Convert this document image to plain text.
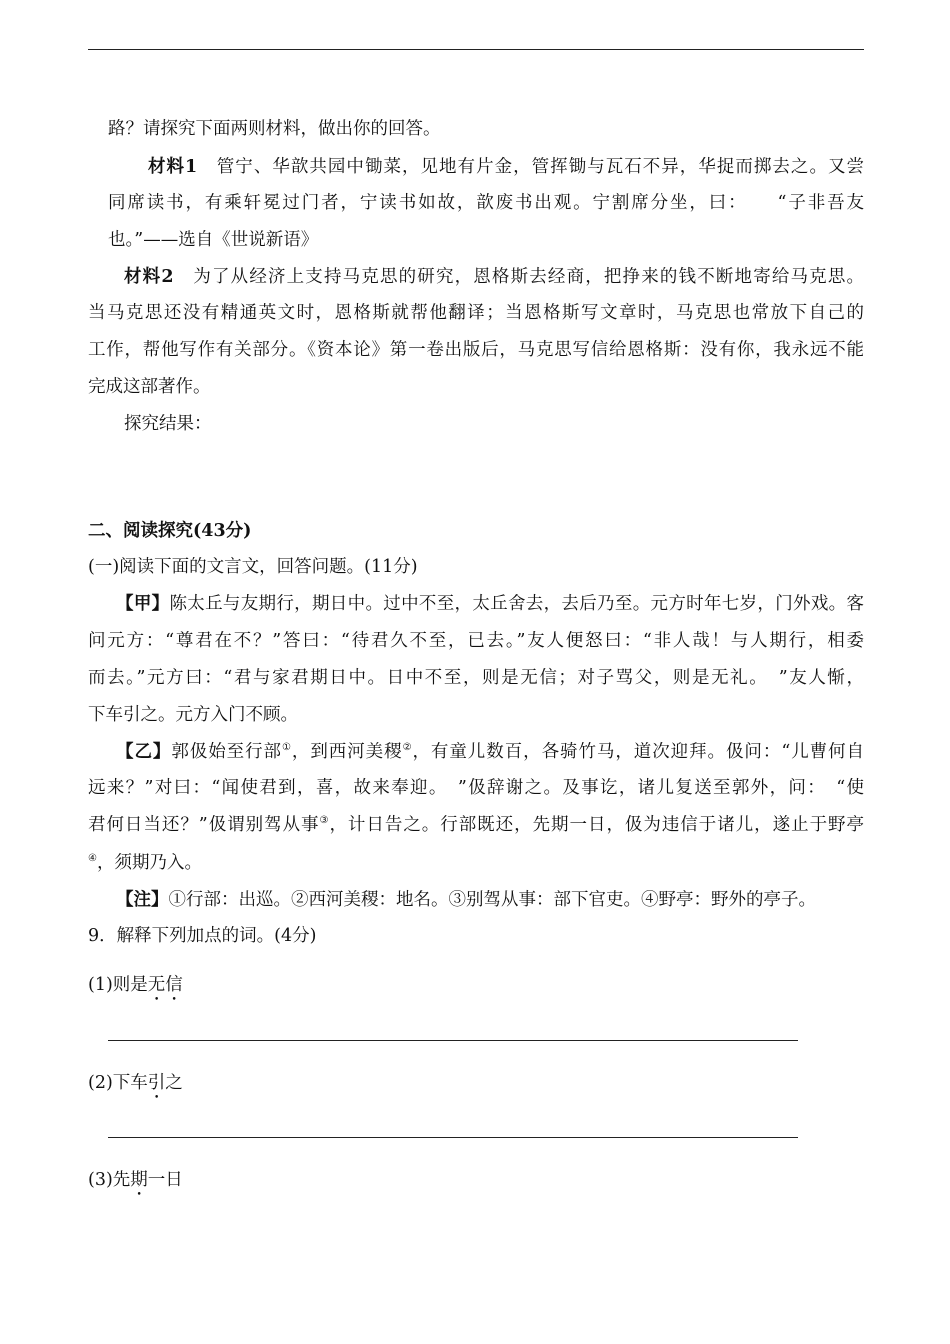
路？请探究下面两则材料，做出你的回答。
材料1　管宁、华歆共园中锄菜，见地有片金，管挥锄与瓦石不异，华捉而掷去之。又尝
同席读书，有乘轩冕过门者，宁读书如故，歆废书出观。宁割席分坐，曰：　　“子非吾友
也。”——选自《世说新语》
材料2　为了从经济上支持马克思的研究，恩格斯去经商，把挣来的钱不断地寄给马克思。
当马克思还没有精通英文时，恩格斯就帮他翻译；当恩格斯写文章时，马克思也常放下自己的
工作，帮他写作有关部分。《资本论》第一卷出版后，马克思写信给恩格斯：没有你，我永远不能
完成这部著作。
探究结果：
二、阅读探究(43分)
(一)阅读下面的文言文，回答问题。(11分)
【甲】陈太丘与友期行，期日中。过中不至，太丘舍去，去后乃至。元方时年七岁，门外戏。客
问元方：“尊君在不？”答曰：“待君久不至，已去。”友人便怒曰：“非人哉！与人期行，相委
而去。”元方曰：“君与家君期日中。日中不至，则是无信；对子骂父，则是无礼。　”友人惭，
下车引之。元方入门不顾。
【乙】郭伋始至行部①，到西河美稷②，有童儿数百，各骑竹马，道次迎拜。伋问：“儿曹何自
远来？”对曰：“闻使君到，喜，故来奉迎。　”伋辞谢之。及事讫，诸儿复送至郭外，问：　“使
君何日当还？”伋谓别驾从事③，计日告之。行部既还，先期一日，伋为违信于诸儿，遂止于野亭
④，须期乃入。
【注】①行部：出巡。②西河美稷：地名。③别驾从事：部下官吏。④野亭：野外的亭子。
9．解释下列加点的词。(4分)
(1)则是无信
(2)下车引之
(3)先期一日
